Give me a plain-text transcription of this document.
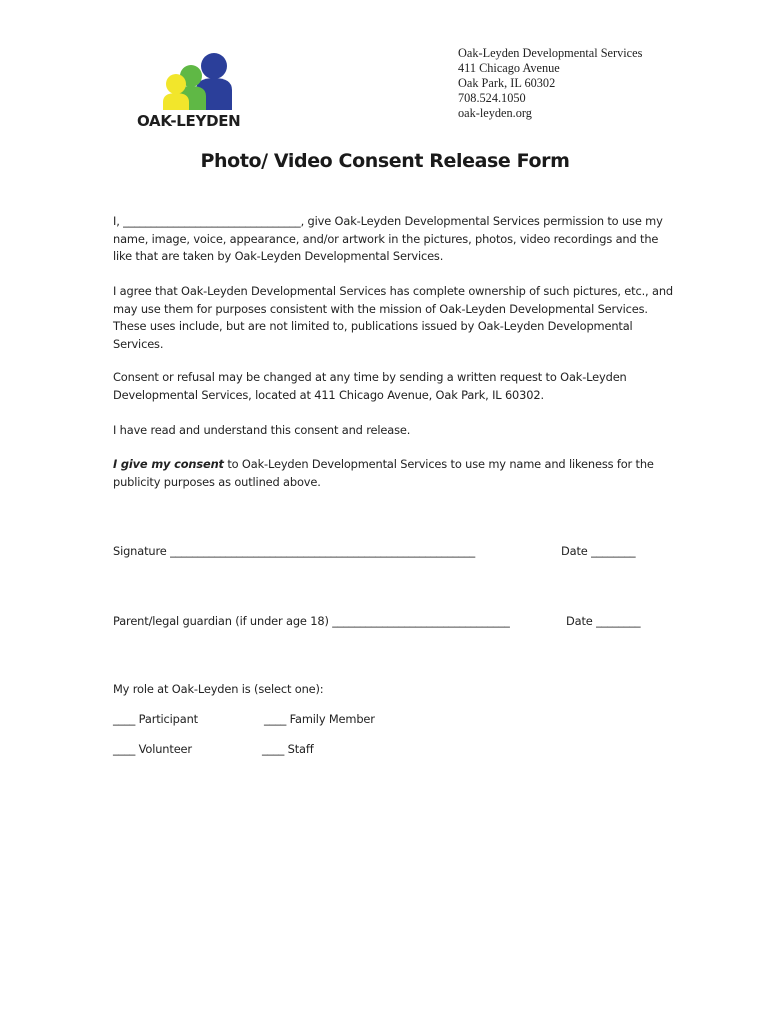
OAK-LEYDEN
Oak-Leyden Developmental Services
411 Chicago Avenue
Oak Park, IL 60302
708.524.1050
oak-leyden.org
Photo/ Video Consent Release Form
I, ________________________________, give Oak-Leyden Developmental Services permission to use my name, image, voice, appearance, and/or artwork in the pictures, photos, video recordings and the like that are taken by Oak-Leyden Developmental Services.
I agree that Oak-Leyden Developmental Services has complete ownership of such pictures, etc., and may use them for purposes consistent with the mission of Oak-Leyden Developmental Services. These uses include, but are not limited to, publications issued by Oak-Leyden Developmental Services.
Consent or refusal may be changed at any time by sending a written request to Oak-Leyden Developmental Services, located at 411 Chicago Avenue, Oak Park, IL 60302.
I have read and understand this consent and release.
I give my consent to Oak-Leyden Developmental Services to use my name and likeness for the publicity purposes as outlined above.
Signature _______________________________________________________	Date ________
Parent/legal guardian (if under age 18) ________________________________	Date ________
My role at Oak-Leyden is (select one):
____ Participant	____ Family Member
____ Volunteer	____ Staff
